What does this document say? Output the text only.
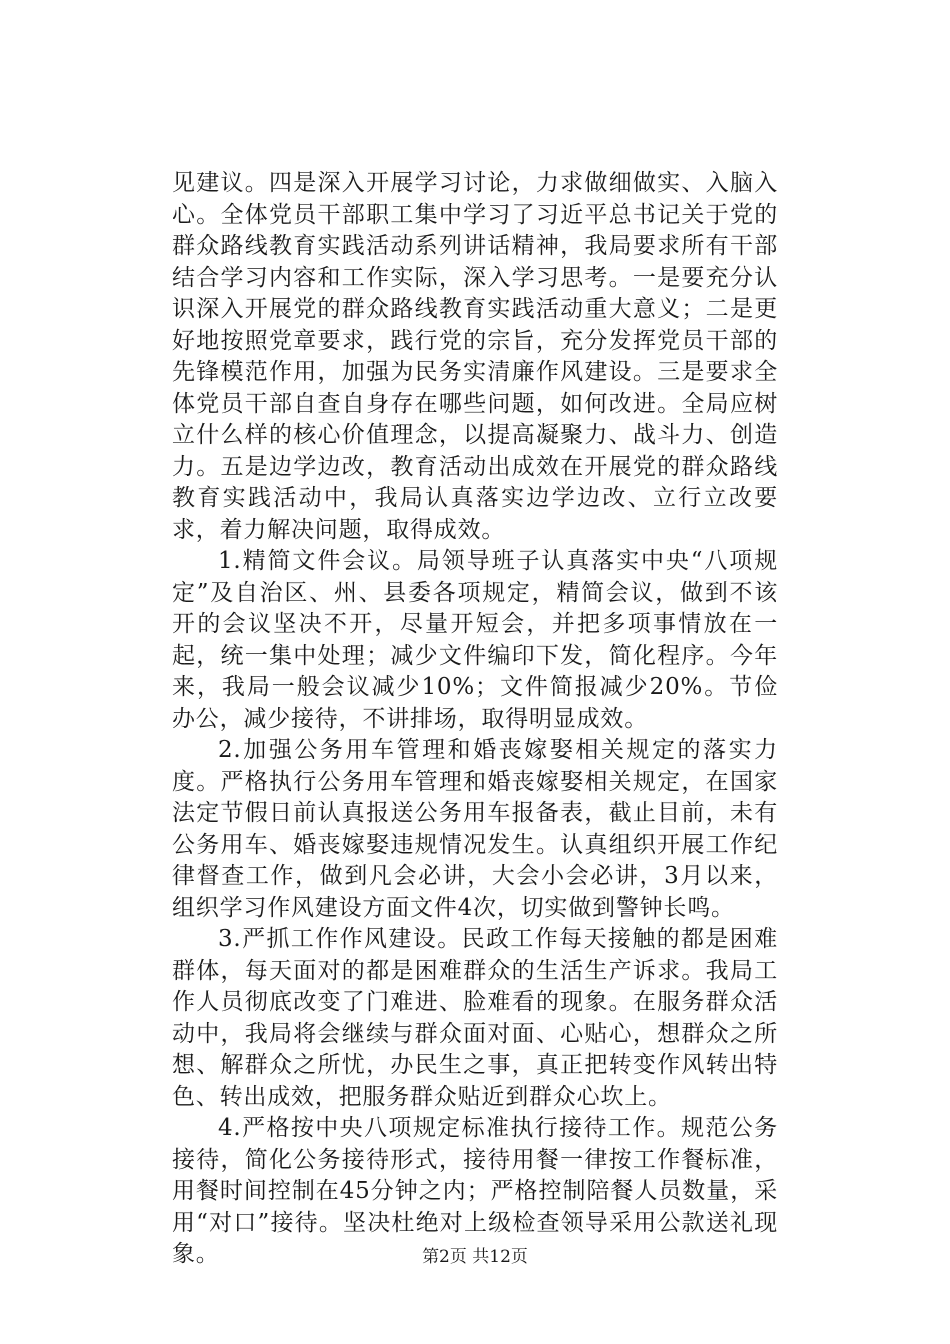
见建议。四是深入开展学习讨论，力求做细做实、入脑入心。全体党员干部职工集中学习了习近平总书记关于党的群众路线教育实践活动系列讲话精神，我局要求所有干部结合学习内容和工作实际，深入学习思考。一是要充分认识深入开展党的群众路线教育实践活动重大意义；二是更好地按照党章要求，践行党的宗旨，充分发挥党员干部的先锋模范作用，加强为民务实清廉作风建设。三是要求全体党员干部自查自身存在哪些问题，如何改进。全局应树立什么样的核心价值理念，以提高凝聚力、战斗力、创造力。五是边学边改，教育活动出成效在开展党的群众路线教育实践活动中，我局认真落实边学边改、立行立改要求，着力解决问题，取得成效。

1.精简文件会议。局领导班子认真落实中央“八项规定”及自治区、州、县委各项规定，精简会议，做到不该开的会议坚决不开，尽量开短会，并把多项事情放在一起，统一集中处理；减少文件编印下发，简化程序。今年来，我局一般会议减少10%；文件简报减少20%。节俭办公，减少接待，不讲排场，取得明显成效。

2.加强公务用车管理和婚丧嫁娶相关规定的落实力度。严格执行公务用车管理和婚丧嫁娶相关规定，在国家法定节假日前认真报送公务用车报备表，截止目前，未有公务用车、婚丧嫁娶违规情况发生。认真组织开展工作纪律督查工作，做到凡会必讲，大会小会必讲，3月以来，组织学习作风建设方面文件4次，切实做到警钟长鸣。

3.严抓工作作风建设。民政工作每天接触的都是困难群体，每天面对的都是困难群众的生活生产诉求。我局工作人员彻底改变了门难进、脸难看的现象。在服务群众活动中，我局将会继续与群众面对面、心贴心，想群众之所想、解群众之所忧，办民生之事，真正把转变作风转出特色、转出成效，把服务群众贴近到群众心坎上。

4.严格按中央八项规定标准执行接待工作。规范公务接待，简化公务接待形式，接待用餐一律按工作餐标准，用餐时间控制在45分钟之内；严格控制陪餐人员数量，采用“对口”接待。坚决杜绝对上级检查领导采用公款送礼现象。	第2页 共12页
